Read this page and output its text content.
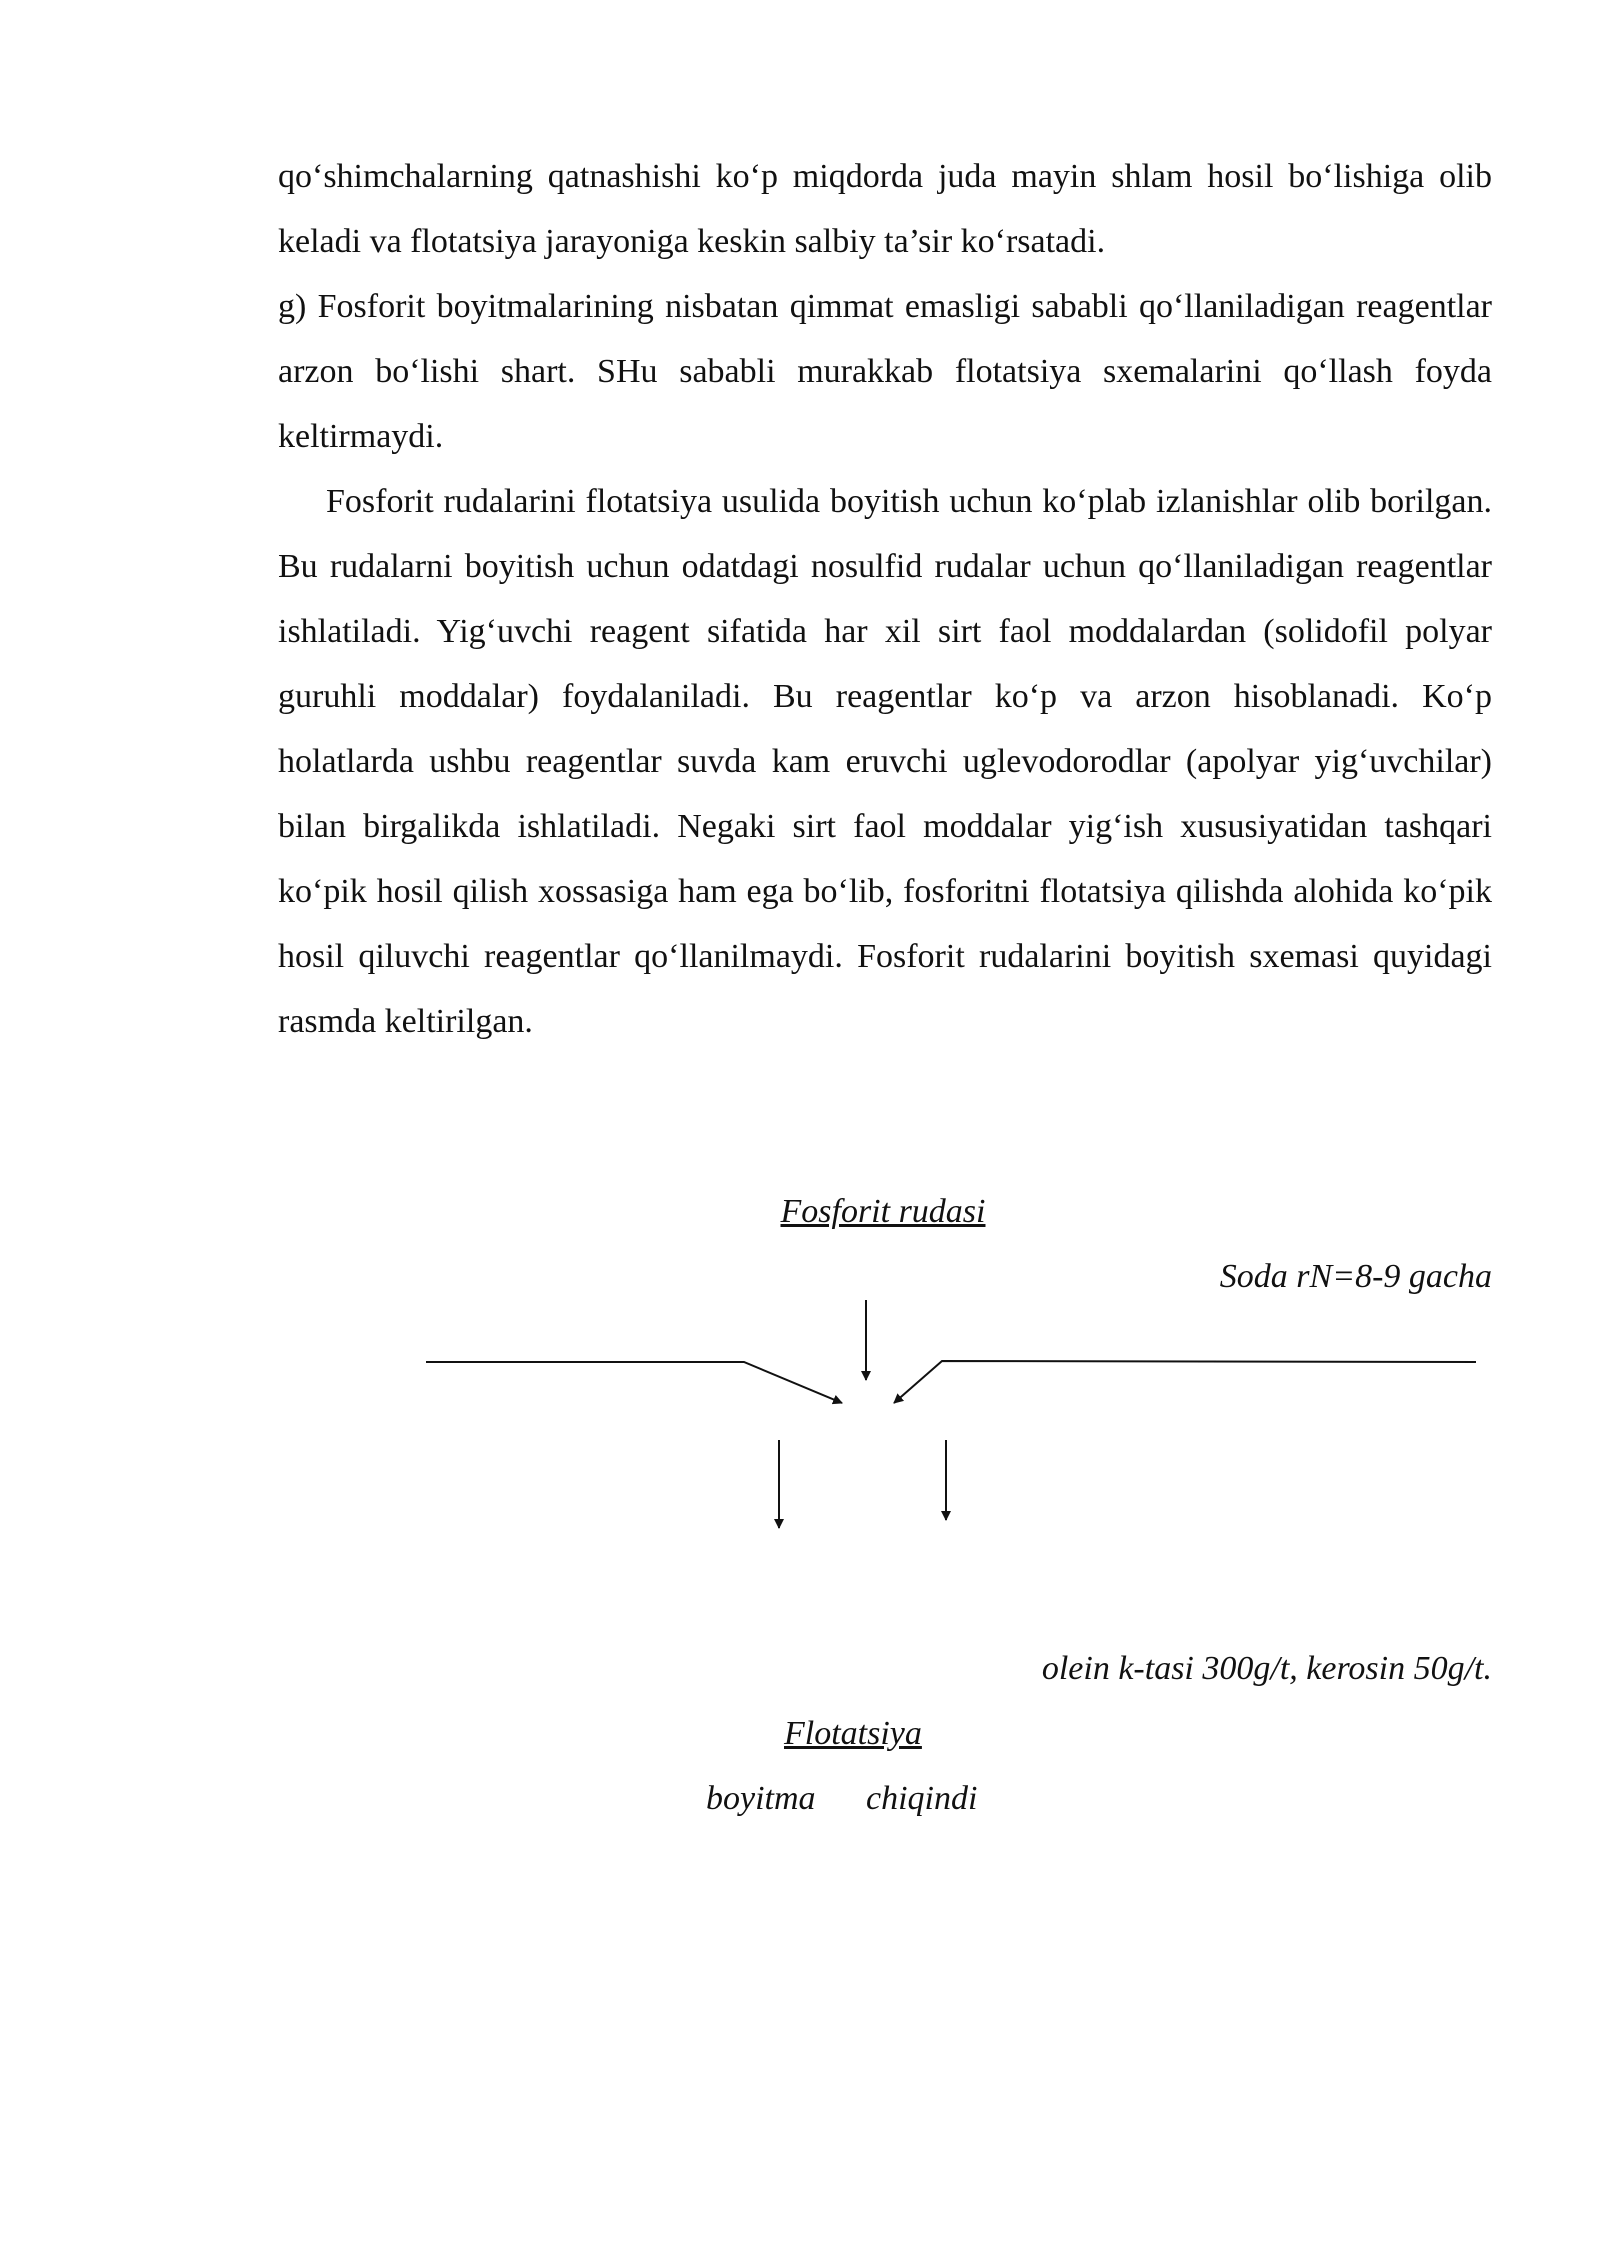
qo‘shimchalarning qatnashishi ko‘p miqdorda juda mayin shlam hosil bo‘lishiga olib keladi va flotatsiya jarayoniga keskin salbiy ta’sir ko‘rsatadi.

g) Fosforit boyitmalarining nisbatan qimmat emasligi sababli qo‘llaniladigan reagentlar arzon bo‘lishi shart. SHu sababli murakkab flotatsiya sxemalarini qo‘llash foyda keltirmaydi.

Fosforit rudalarini flotatsiya usulida boyitish uchun ko‘plab izlanishlar olib borilgan. Bu rudalarni boyitish uchun odatdagi nosulfid rudalar uchun qo‘llaniladigan reagentlar ishlatiladi. Yig‘uvchi reagent sifatida har xil sirt faol moddalardan (solidofil polyar guruhli moddalar) foydalaniladi. Bu reagentlar ko‘p va arzon hisoblanadi. Ko‘p holatlarda ushbu reagentlar suvda kam eruvchi uglevodorodlar (apolyar yig‘uvchilar) bilan birgalikda ishlatiladi. Negaki sirt faol moddalar yig‘ish xususiyatidan tashqari ko‘pik hosil qilish xossasiga ham ega bo‘lib, fosforitni flotatsiya qilishda alohida ko‘pik hosil qiluvchi reagentlar qo‘llanilmaydi. Fosforit rudalarini boyitish sxemasi quyidagi rasmda keltirilgan.

Fosforit rudasi
Soda rN=8-9 gacha
olein k-tasi 300g/t, kerosin 50g/t.
Flotatsiya
boyitma chiqindi
